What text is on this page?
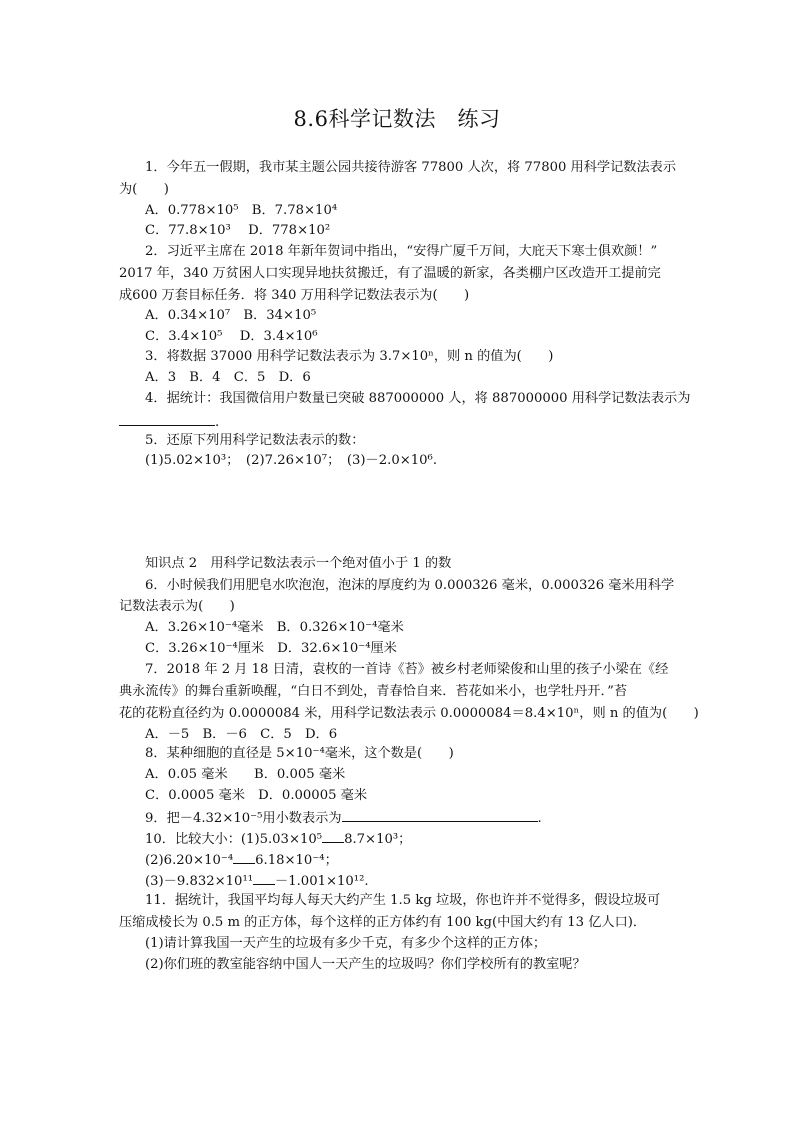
8.6科学记数法　练习
1．今年五一假期，我市某主题公园共接待游客 77800 人次，将 77800 用科学记数法表示
为(　　)
A．0.778×10⁵　B．7.78×10⁴
C．77.8×10³　 D．778×10²
2．习近平主席在 2018 年新年贺词中指出，“安得广厦千万间，大庇天下寒士俱欢颜！”
2017 年，340 万贫困人口实现异地扶贫搬迁，有了温暖的新家，各类棚户区改造开工提前完
成600 万套目标任务．将 340 万用科学记数法表示为(　　)
A．0.34×10⁷　B．34×10⁵
C．3.4×10⁵　 D．3.4×10⁶
3．将数据 37000 用科学记数法表示为 3.7×10ⁿ，则 n 的值为(　　)
A．3　B．4　C．5　D．6
4．据统计：我国微信用户数量已突破 887000000 人，将 887000000 用科学记数法表示为
.
5．还原下列用科学记数法表示的数：
(1)5.02×10³；　(2)7.26×10⁷；　(3)－2.0×10⁶.
知识点 2　用科学记数法表示一个绝对值小于 1 的数
6．小时候我们用肥皂水吹泡泡，泡沫的厚度约为 0.000326 毫米，0.000326 毫米用科学
记数法表示为(　　)
A．3.26×10⁻⁴毫米　B．0.326×10⁻⁴毫米
C．3.26×10⁻⁴厘米　D．32.6×10⁻⁴厘米
7．2018 年 2 月 18 日清，袁枚的一首诗《苔》被乡村老师梁俊和山里的孩子小梁在《经
典永流传》的舞台重新唤醒，“白日不到处，青春恰自来．苔花如米小，也学牡丹开．”苔
花的花粉直径约为 0.0000084 米，用科学记数法表示 0.0000084＝8.4×10ⁿ，则 n 的值为(　　)
A．－5　B．－6　C．5　D．6
8．某种细胞的直径是 5×10⁻⁴毫米，这个数是(　　)
A．0.05 毫米　　B．0.005 毫米
C．0.0005 毫米　D．0.00005 毫米
9．把－4.32×10⁻⁵用小数表示为	.
10．比较大小：(1)5.03×10⁵ 8.7×10³；
(2)6.20×10⁻⁴ 6.18×10⁻⁴；
(3)－9.832×10¹¹ －1.001×10¹².
11．据统计，我国平均每人每天大约产生 1.5 kg 垃圾，你也许并不觉得多，假设垃圾可
压缩成棱长为 0.5 m 的正方体，每个这样的正方体约有 100 kg(中国大约有 13 亿人口)．
(1)请计算我国一天产生的垃圾有多少千克，有多少个这样的正方体；
(2)你们班的教室能容纳中国人一天产生的垃圾吗？你们学校所有的教室呢？
